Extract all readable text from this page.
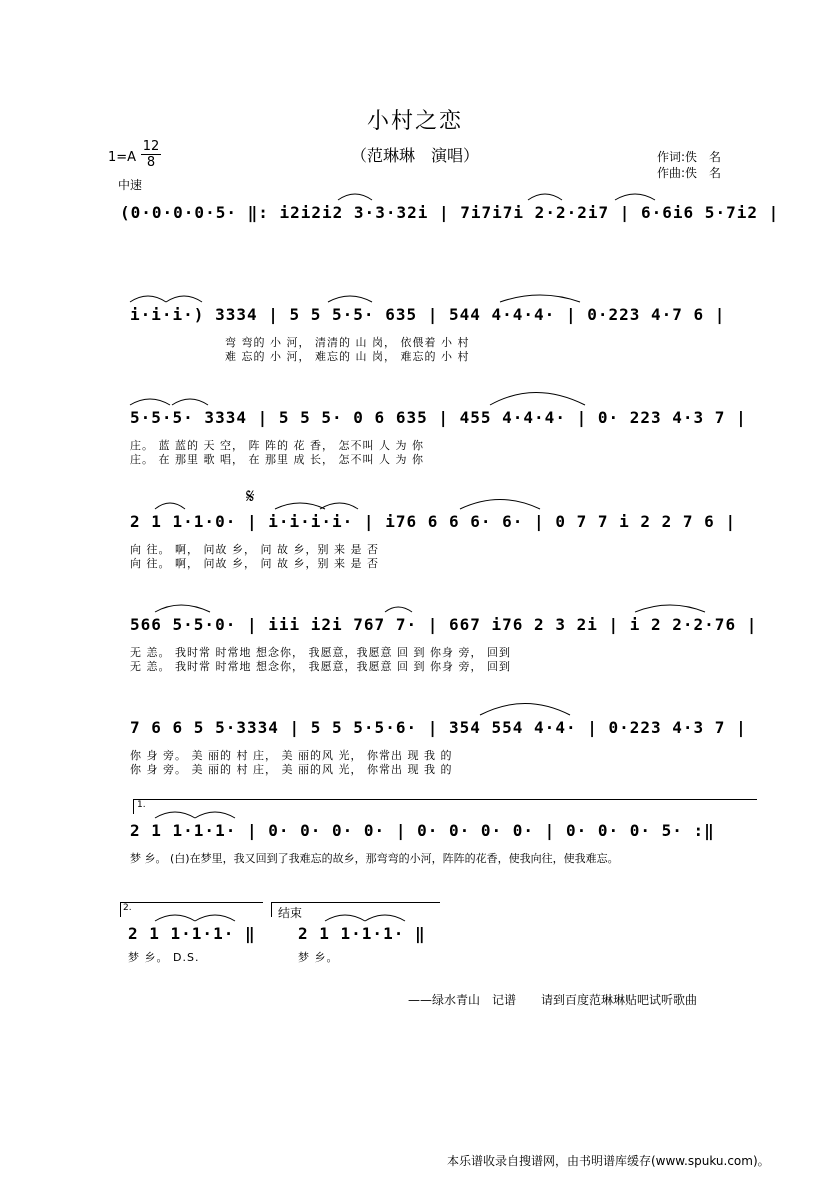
小村之恋
（范琳琳　演唱）
$1=A \frac{12}{8}$
中速
作词:佚　名
作曲:佚　名
(0·0·0·0·5· ‖: i2i2i2 3·3·32i | 7i7i7i 2·2·2i7 | 6·6i6 5·7i2 |
i·i·i·) 3334 | 5 5 5·5· 635 | 544 4·4·4· | 0·223 4·7 6 |
弯 弯的 小 河， 清清的 山 岗， 依偎着 小 村
难 忘的 小 河， 难忘的 山 岗， 难忘的 小 村
5·5·5· 3334 | 5 5 5· 0 6 635 | 455 4·4·4· | 0· 223 4·3 7 |
庄。 蓝 蓝的 天 空， 阵 阵的 花 香， 怎不叫 人 为 你
庄。 在 那里 歌 唱， 在 那里 成 长， 怎不叫 人 为 你
𝄋
2 1 1·1·0· | i·i·i·i· | i76 6 6 6· 6· | 0 7 7 i 2 2 7 6 |
向 往。 啊， 问故 乡， 问 故 乡，别 来 是 否
向 往。 啊， 问故 乡， 问 故 乡，别 来 是 否
566 5·5·0· | iii i2i 767 7· | 667 i76 2 3 2i | i 2 2·2·76 |
无 恙。 我时常 时常地 想念你， 我愿意，我愿意 回 到 你身 旁， 回到
无 恙。 我时常 时常地 想念你， 我愿意，我愿意 回 到 你身 旁， 回到
7 6 6 5 5·3334 | 5 5 5·5·6· | 354 554 4·4· | 0·223 4·3 7 |
你 身 旁。 美 丽的 村 庄， 美 丽的风 光， 你常出 现 我 的
你 身 旁。 美 丽的 村 庄， 美 丽的风 光， 你常出 现 我 的
1.
2 1 1·1·1· | 0· 0· 0· 0· | 0· 0· 0· 0· | 0· 0· 0· 5· :‖
梦 乡。 (白)在梦里，我又回到了我难忘的故乡，那弯弯的小河，阵阵的花香，使我向往，使我难忘。
2.
2 1 1·1·1· ‖
梦 乡。 D.S.
结束
2 1 1·1·1· ‖
梦 乡。
——绿水青山　记谱 请到百度范琳琳贴吧试听歌曲
本乐谱收录自搜谱网，由书明谱库缓存(www.spuku.com)。
